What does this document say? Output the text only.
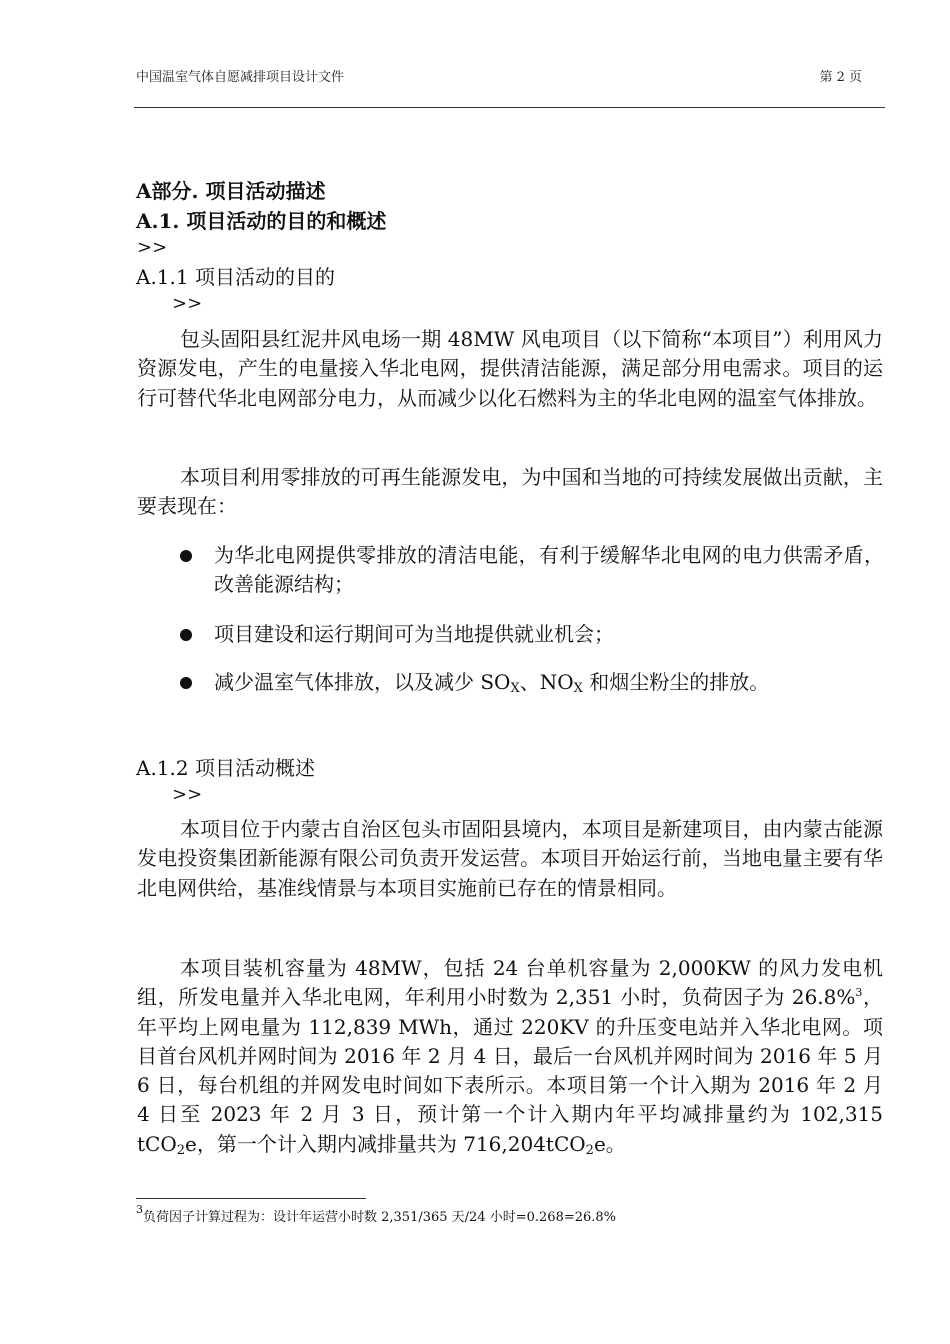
中国温室气体自愿减排项目设计文件	第 2 页
A部分. 项目活动描述
A.1. 项目活动的目的和概述
>>
A.1.1 项目活动的目的
>>
包头固阳县红泥井风电场一期 48MW 风电项目（以下简称“本项目”）利用风力资源发电，产生的电量接入华北电网，提供清洁能源，满足部分用电需求。项目的运行可替代华北电网部分电力，从而减少以化石燃料为主的华北电网的温室气体排放。
本项目利用零排放的可再生能源发电，为中国和当地的可持续发展做出贡献，主要表现在：
为华北电网提供零排放的清洁电能，有利于缓解华北电网的电力供需矛盾，改善能源结构；
项目建设和运行期间可为当地提供就业机会；
减少温室气体排放，以及减少 $SO_X$、$NO_X$ 和烟尘粉尘的排放。
A.1.2 项目活动概述
>>
本项目位于内蒙古自治区包头市固阳县境内，本项目是新建项目，由内蒙古能源发电投资集团新能源有限公司负责开发运营。本项目开始运行前，当地电量主要有华北电网供给，基准线情景与本项目实施前已存在的情景相同。
本项目装机容量为 48MW，包括 24 台单机容量为 2,000KW 的风力发电机组，所发电量并入华北电网，年利用小时数为 2,351 小时，负荷因子为 26.8%$^3$，年平均上网电量为 112,839 MWh，通过 220KV 的升压变电站并入华北电网。项目首台风机并网时间为 2016 年 2 月 4 日，最后一台风机并网时间为 2016 年 5 月 6 日，每台机组的并网发电时间如下表所示。本项目第一个计入期为 2016 年 2 月 4 日至 2023 年 2 月 3 日，预计第一个计入期内年平均减排量约为 102,315 tCO$_2$e，第一个计入期内减排量共为 716,204tCO$_2$e。
$^3$负荷因子计算过程为：设计年运营小时数 2,351/365 天/24 小时=0.268=26.8%
